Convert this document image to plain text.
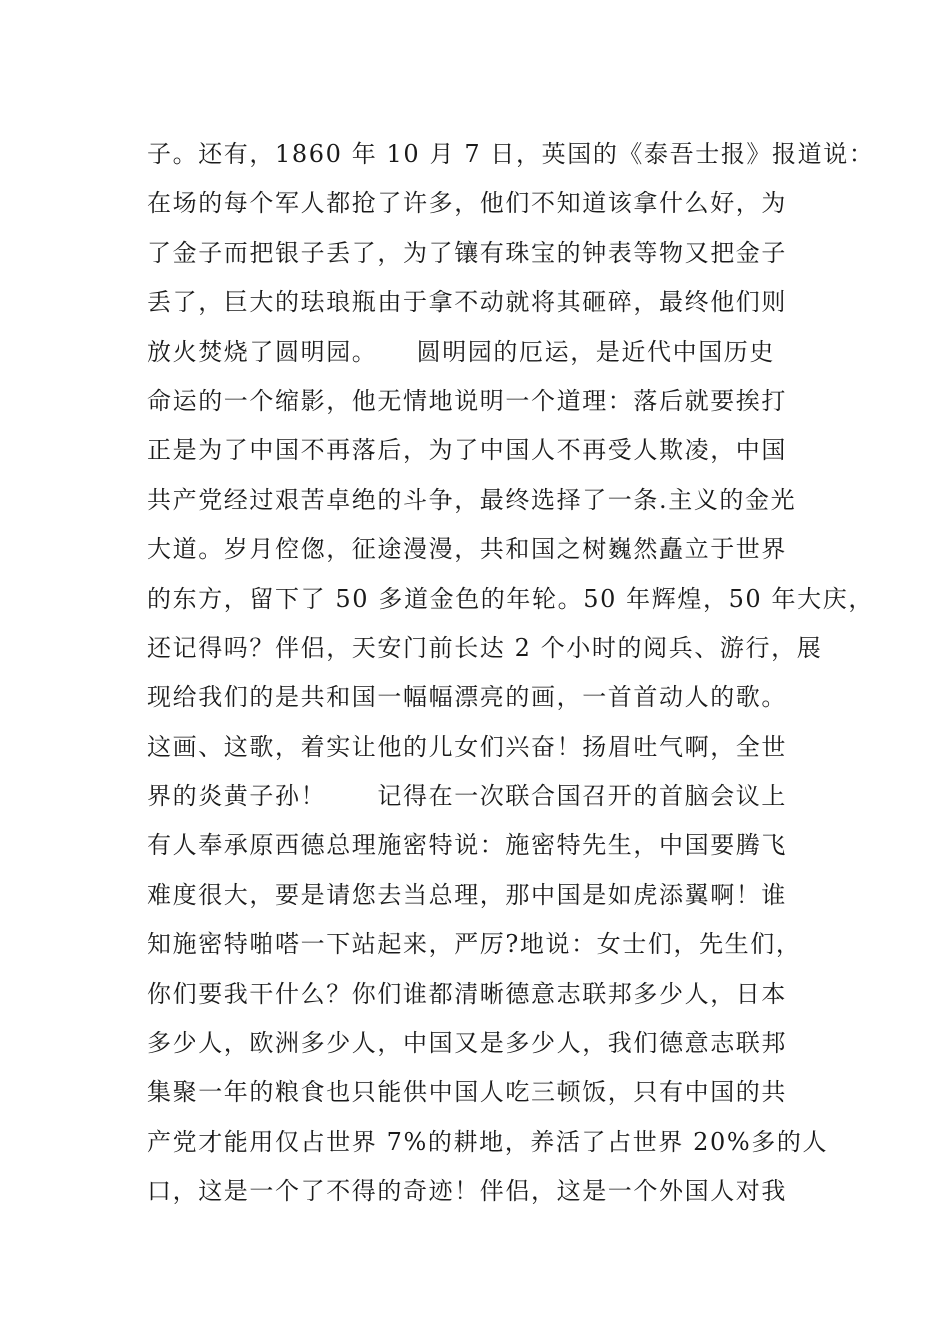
子。还有，1860 年 10 月 7 日，英国的《泰吾士报》报道说：
在场的每个军人都抢了许多，他们不知道该拿什么好，为
了金子而把银子丢了，为了镶有珠宝的钟表等物又把金子
丢了，巨大的珐琅瓶由于拿不动就将其砸碎，最终他们则
放火焚烧了圆明园。　　圆明园的厄运，是近代中国历史
命运的一个缩影，他无情地说明一个道理：落后就要挨打
正是为了中国不再落后，为了中国人不再受人欺凌，中国
共产党经过艰苦卓绝的斗争，最终选择了一条.主义的金光
大道。岁月倥偬，征途漫漫，共和国之树巍然矗立于世界
的东方，留下了 50 多道金色的年轮。50 年辉煌，50 年大庆，
还记得吗？伴侣，天安门前长达 2 个小时的阅兵、游行，展
现给我们的是共和国一幅幅漂亮的画，一首首动人的歌。
这画、这歌，着实让他的儿女们兴奋！扬眉吐气啊，全世
界的炎黄子孙！　　记得在一次联合国召开的首脑会议上
有人奉承原西德总理施密特说：施密特先生，中国要腾飞
难度很大，要是请您去当总理，那中国是如虎添翼啊！谁
知施密特啪嗒一下站起来，严厉?地说：女士们，先生们，
你们要我干什么？你们谁都清晰德意志联邦多少人，日本
多少人，欧洲多少人，中国又是多少人，我们德意志联邦
集聚一年的粮食也只能供中国人吃三顿饭，只有中国的共
产党才能用仅占世界 7%的耕地，养活了占世界 20%多的人
口，这是一个了不得的奇迹！伴侣，这是一个外国人对我
